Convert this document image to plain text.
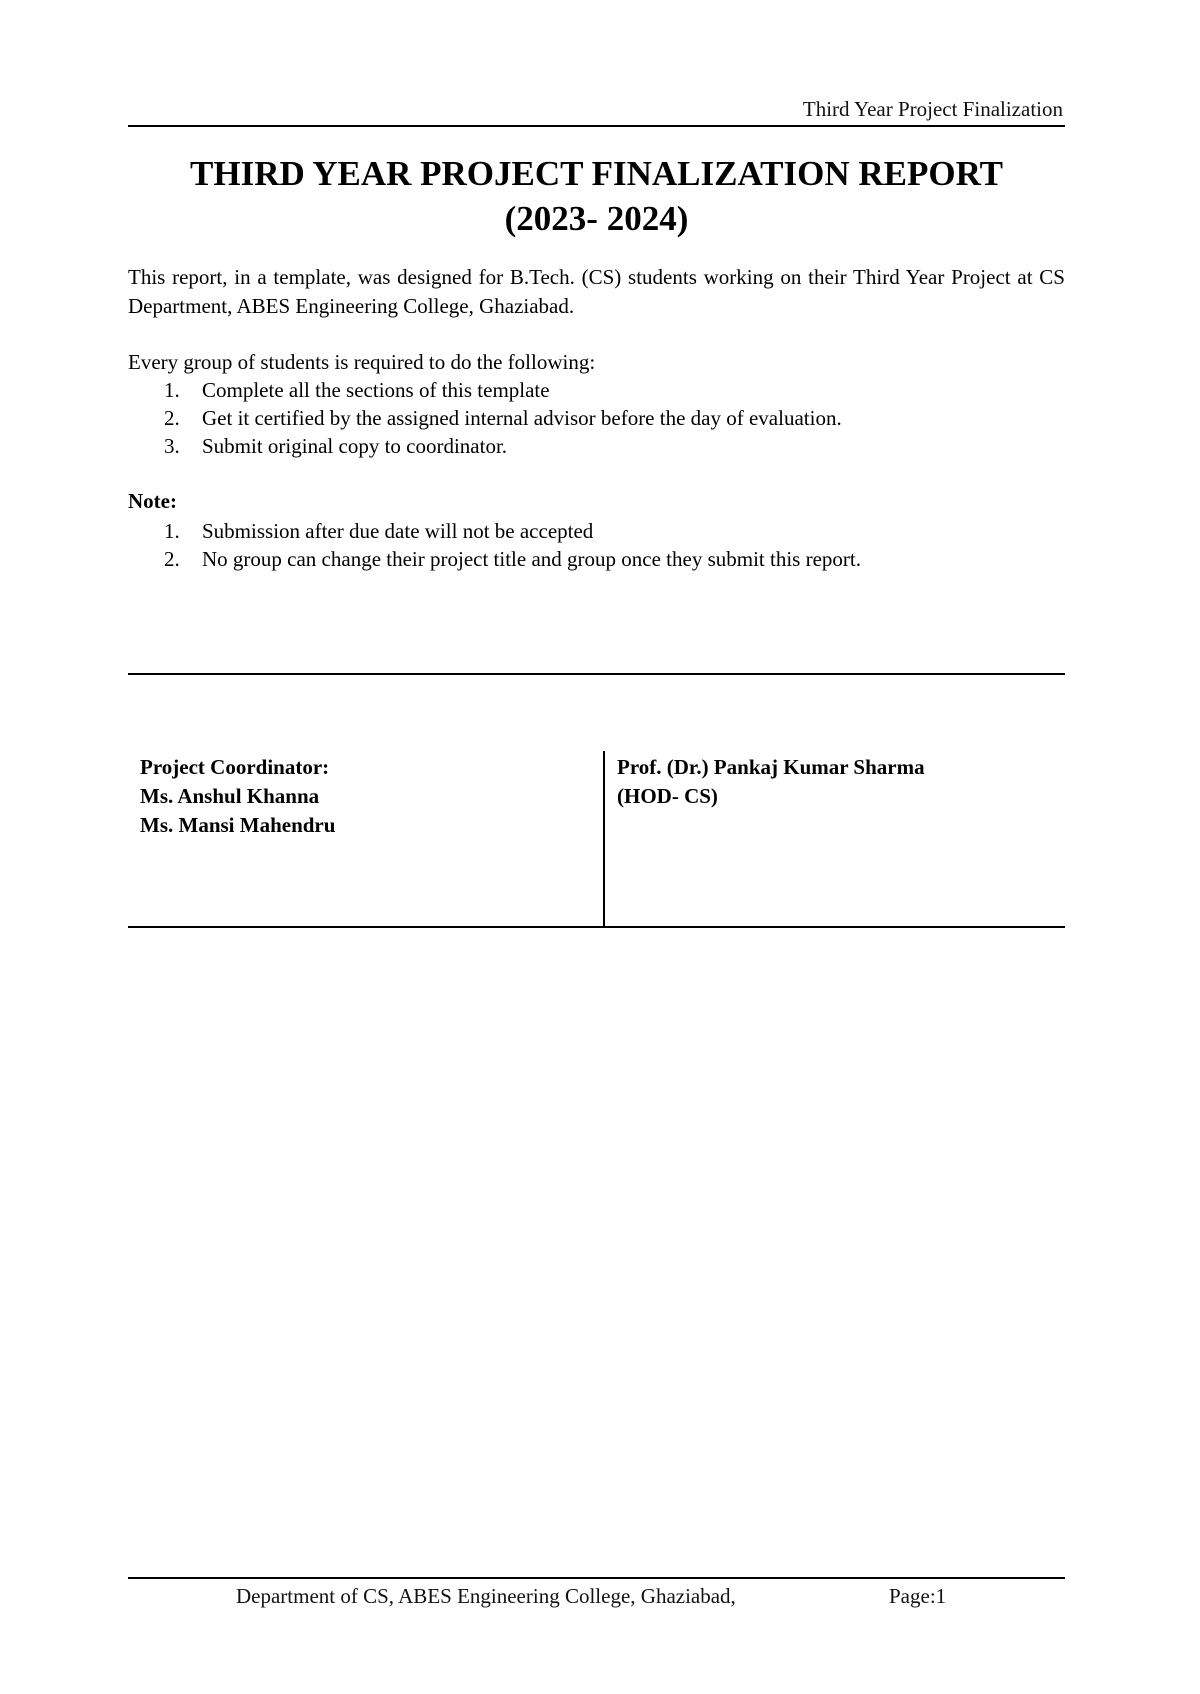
Third Year Project Finalization
THIRD YEAR PROJECT FINALIZATION REPORT
(2023- 2024)
This report, in a template, was designed for B.Tech. (CS) students working on their Third Year Project at CS Department, ABES Engineering College, Ghaziabad.
Every group of students is required to do the following:
1. Complete all the sections of this template
2. Get it certified by the assigned internal advisor before the day of evaluation.
3. Submit original copy to coordinator.
Note:
1. Submission after due date will not be accepted
2. No group can change their project title and group once they submit this report.
Project Coordinator:
Ms. Anshul Khanna
Ms. Mansi Mahendru
Prof. (Dr.) Pankaj Kumar Sharma
(HOD- CS)
Department of CS, ABES Engineering College, Ghaziabad,	Page:1
